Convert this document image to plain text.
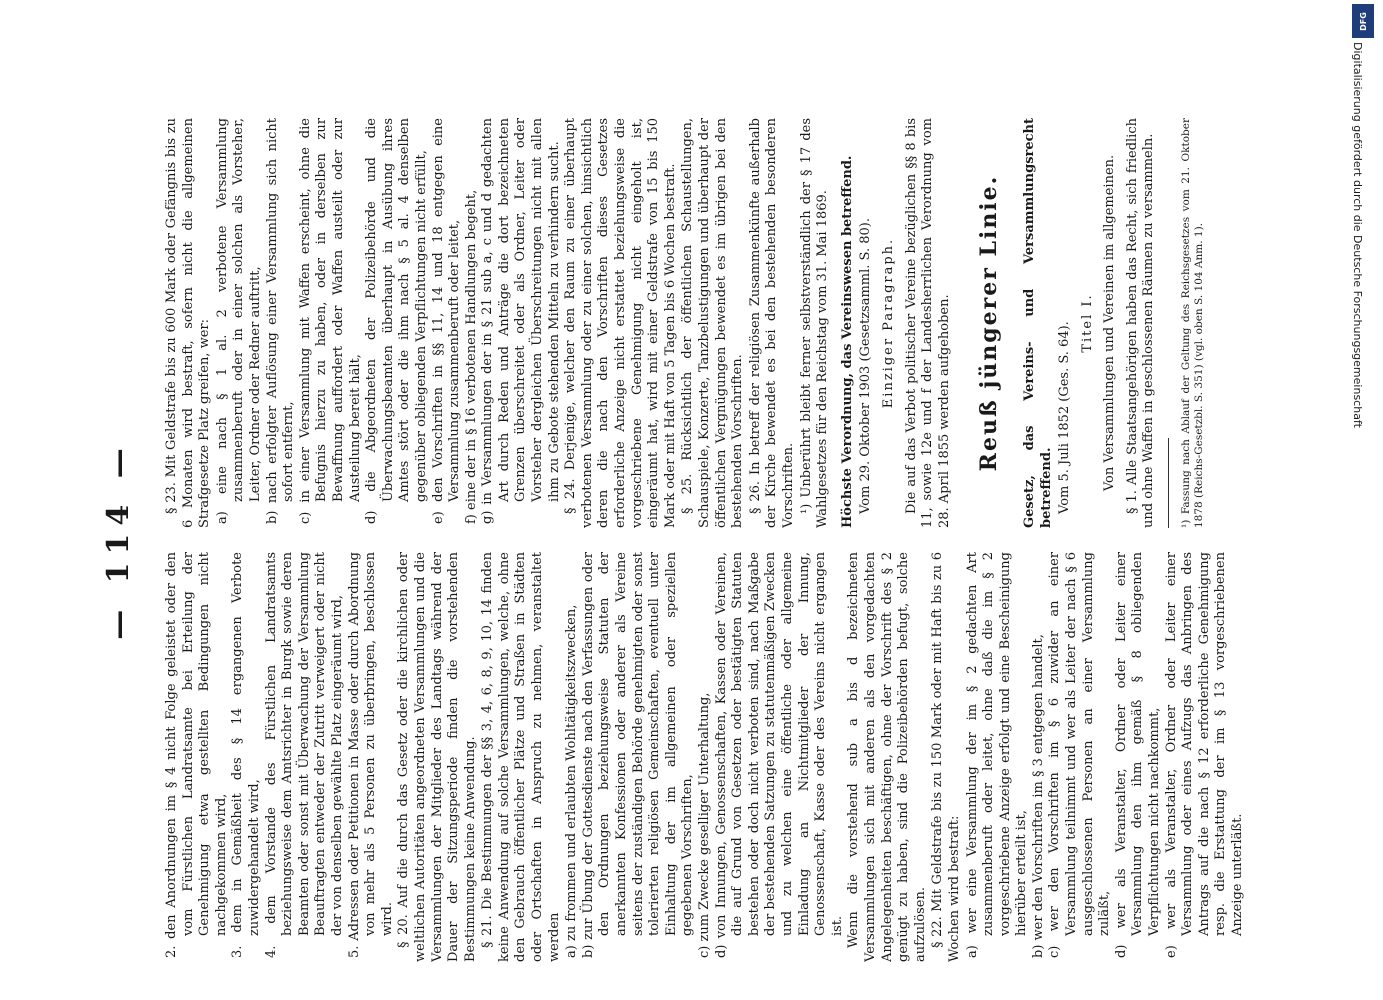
— 114 —
2. den Anordnungen im § 4 nicht Folge geleistet oder den vom Fürstlichen Landratsamte bei Erteilung der Genehmigung etwa gestellten Bedingungen nicht nachgekommen wird,
3. dem in Gemäßheit des § 14 ergangenen Verbote zuwidergehandelt wird,
4. dem Vorstande des Fürstlichen Landratsamts beziehungsweise dem Amtsrichter in Burgk sowie deren Beamten oder sonst mit Überwachung der Versammlung Beauftragten entweder der Zutritt verweigert oder nicht der von denselben gewählte Platz eingeräumt wird,
5. Adressen oder Petitionen in Masse oder durch Abordnung von mehr als 5 Personen zu überbringen, beschlossen wird. § 20. Auf die durch das Gesetz oder die kirchlichen oder weltlichen Autoritäten angeordneten Versammlungen und die Versammlungen der Mitglieder des Landtags während der Dauer der Sitzungsperiode finden die vorstehenden Bestimmungen keine Anwendung. § 21. Die Bestimmungen der §§ 3, 4, 6, 8, 9, 10, 14 finden keine Anwendung auf solche Versammlungen, welche, ohne den Gebrauch öffentlicher Plätze und Straßen in Städten oder Ortschaften in Anspruch zu nehmen, veranstaltet werden a) zu frommen und erlaubten Wohltätigkeitszwecken,
b) zur Übung der Gottesdienste nach den Verfassungen oder den Ordnungen beziehungsweise Statuten der anerkannten Konfessionen oder anderer als Vereine seitens der zuständigen Behörde genehmigten oder sonst tolerierten religiösen Gemeinschaften, eventuell unter Einhaltung der im allgemeinen oder speziellen gegebenen Vorschriften,
c) zum Zwecke geselliger Unterhaltung,
d) von Innungen, Genossenschaften, Kassen oder Vereinen, die auf Grund von Gesetzen oder bestätigten Statuten bestehen oder doch nicht verboten sind, nach Maßgabe der bestehenden Satzungen zu statutenmäßigen Zwecken und zu welchen eine öffentliche oder allgemeine Einladung an Nichtmitglieder der Innung, Genossenschaft, Kasse oder des Vereins nicht ergangen ist. Wenn die vorstehend sub a bis d bezeichneten Versammlungen sich mit anderen als den vorgedachten Angelegenheiten beschäftigen, ohne der Vorschrift des § 2 genügt zu haben, sind die Polizeibehörden befugt, solche aufzulösen. § 22. Mit Geldstrafe bis zu 150 Mark oder mit Haft bis zu 6 Wochen wird bestraft: a) wer eine Versammlung der im § 2 gedachten Art zusammenberuft oder leitet, ohne daß die im § 2 vorgeschriebene Anzeige erfolgt und eine Bescheinigung hierüber erteilt ist,
b) wer den Vorschriften im § 3 entgegen handelt,
c) wer den Vorschriften im § 6 zuwider an einer Versammlung teilnimmt und wer als Leiter der nach § 6 ausgeschlossenen Personen an einer Versammlung zuläßt,
d) wer als Veranstalter, Ordner oder Leiter einer Versammlung den ihm gemäß § 8 obliegenden Verpflichtungen nicht nachkommt,
e) wer als Veranstalter, Ordner oder Leiter einer Versammlung oder eines Aufzugs das Anbringen des Antrags auf die nach § 12 erforderliche Genehmigung resp. die Erstattung der im § 13 vorgeschriebenen Anzeige unterläßt.

§ 23. Mit Geldstrafe bis zu 600 Mark oder Gefängnis bis zu 6 Monaten wird bestraft, sofern nicht die allgemeinen Strafgesetze Platz greifen, wer: a) eine nach § 1 al. 2 verbotene Versammlung zusammenberuft oder in einer solchen als Vorsteher, Leiter, Ordner oder Redner auftritt,
b) nach erfolgter Auflösung einer Versammlung sich nicht sofort entfernt,
c) in einer Versammlung mit Waffen erscheint, ohne die Befugnis hierzu zu haben, oder in derselben zur Bewaffnung auffordert oder Waffen austeilt oder zur Austeilung bereit hält,
d) die Abgeordneten der Polizeibehörde und die Überwachungsbeamten überhaupt in Ausübung ihres Amtes stört oder die ihm nach § 5 al. 4 denselben gegenüber obliegenden Verpflichtungen nicht erfüllt,
e) den Vorschriften in §§ 11, 14 und 18 entgegen eine Versammlung zusammenberuft oder leitet,
f) eine der in § 16 verbotenen Handlungen begeht,
g) in Versammlungen der in § 21 sub a, c und d gedachten Art durch Reden und Anträge die dort bezeichneten Grenzen überschreitet oder als Ordner, Leiter oder Vorsteher dergleichen Überschreitungen nicht mit allen ihm zu Gebote stehenden Mitteln zu verhindern sucht. § 24. Derjenige, welcher den Raum zu einer überhaupt verbotenen Versammlung oder zu einer solchen, hinsichtlich deren die nach den Vorschriften dieses Gesetzes erforderliche Anzeige nicht erstattet beziehungsweise die vorgeschriebene Genehmigung nicht eingeholt ist, eingeräumt hat, wird mit einer Geldstrafe von 15 bis 150 Mark oder mit Haft von 5 Tagen bis 6 Wochen bestraft. § 25. Rücksichtlich der öffentlichen Schaustellungen, Schauspiele, Konzerte, Tanzbelustigungen und überhaupt der öffentlichen Vergnügungen bewendet es im übrigen bei den bestehenden Vorschriften. § 26. In betreff der religiösen Zusammenkünfte außerhalb der Kirche bewendet es bei den bestehenden besonderen Vorschriften. ¹) Unberührt bleibt ferner selbstverständlich der § 17 des Wahlgesetzes für den Reichstag vom 31. Mai 1869. Höchste Verordnung, das Vereinswesen betreffend. Vom 29. Oktober 1903 (Gesetzsamml. S. 80). Einziger Paragraph. Die auf das Verbot politischer Vereine bezüglichen §§ 8 bis 11, sowie 12e und f der Landesherrlichen Verordnung vom 28. April 1855 werden aufgehoben. Reuß jüngerer Linie. Gesetz, das Vereins- und Versammlungsrecht betreffend. Vom 5. Juli 1852 (Ges. S. 64). Titel I. Von Versammlungen und Vereinen im allgemeinen. § 1. Alle Staatsangehörigen haben das Recht, sich friedlich und ohne Waffen in geschlossenen Räumen zu versammeln. ¹) Fassung nach Ablauf der Geltung des Reichsgesetzes vom 21. Oktober 1878 (Reichs-Gesetzbl. S. 351) (vgl. oben S. 104 Anm. 1).

DFG
Digitalisierung gefördert durch die Deutsche Forschungsgemeinschaft
